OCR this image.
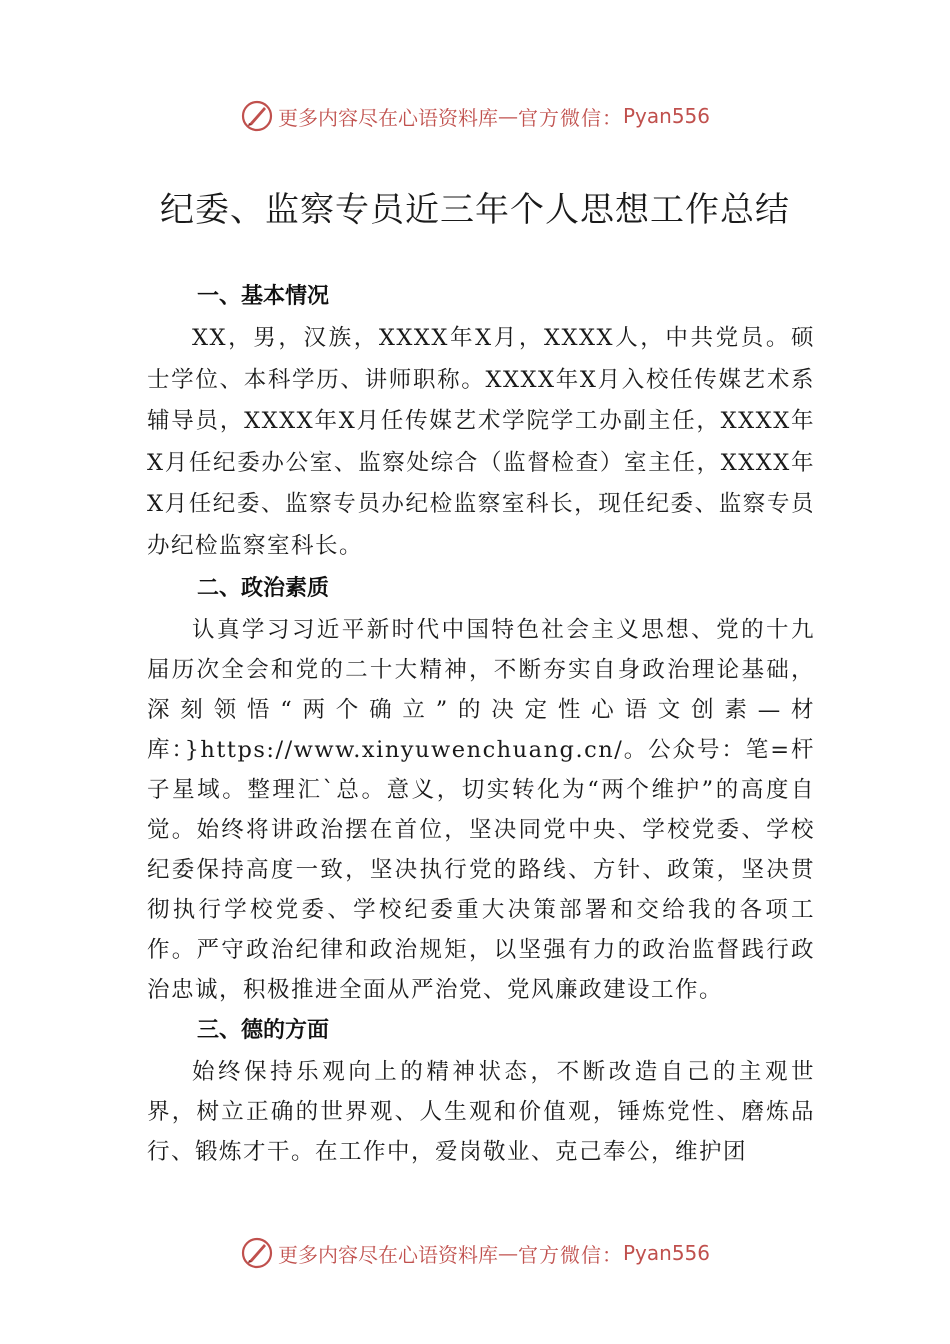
更多内容尽在心语资料库 — 官方微信： Pyan556
纪委、监察专员近三年个人思想工作总结
一、基本情况

XX，男，汉族，XXXX年X月，XXXX人，中共党员。硕士学位、本科学历、讲师职称。XXXX年X月入校任传媒艺术系辅导员，XXXX年X月任传媒艺术学院学工办副主任，XXXX年X月任纪委办公室、监察处综合（监督检查）室主任，XXXX年X月任纪委、监察专员办纪检监察室科长，现任纪委、监察专员办纪检监察室科长。

二、政治素质

认真学习习近平新时代中国特色社会主义思想、党的十九届历次全会和党的二十大精神，不断夯实自身政治理论基础，深刻领悟“两个确立”的决定性心语文创素—材库：}https://www.xinyuwenchuang.cn/。公众号：笔=杆子星域。整理汇`总。意义，切实转化为“两个维护”的高度自觉。始终将讲政治摆在首位，坚决同党中央、学校党委、学校纪委保持高度一致，坚决执行党的路线、方针、政策，坚决贯彻执行学校党委、学校纪委重大决策部署和交给我的各项工作。严守政治纪律和政治规矩，以坚强有力的政治监督践行政治忠诚，积极推进全面从严治党、党风廉政建设工作。

三、德的方面

始终保持乐观向上的精神状态，不断改造自己的主观世界，树立正确的世界观、人生观和价值观，锤炼党性、磨炼品行、锻炼才干。在工作中，爱岗敬业、克己奉公，维护团

更多内容尽在心语资料库 — 官方微信： Pyan556
